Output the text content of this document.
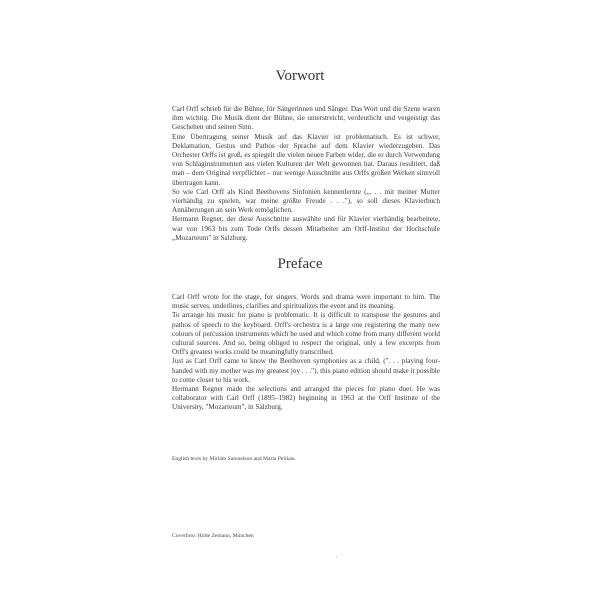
Vorwort

Carl Orff schrieb für die Bühne, für Sängerinnen und Sänger. Das Wort und die Szene waren ihm wichtig. Die Musik dient der Bühne, sie unterstreicht, verdeutlicht und vergeistigt das Geschehen und seinen Sinn.

Eine Übertragung seiner Musik auf das Klavier ist problematisch. Es ist schwer, Deklamation, Gestus und Pathos der Sprache auf dem Klavier wiederzugeben. Das Orchester Orffs ist groß, es spiegelt die vielen neuen Farben wider, die er durch Verwendung von Schlaginstrumenten aus vielen Kulturen der Welt gewonnen hat. Daraus resultiert, daß man – dem Original verpflichtet – nur wenige Ausschnitte aus Orffs großen Werken sinnvoll übertragen kann.

So wie Carl Orff als Kind Beethovens Sinfonien kennenlernte („. . . mit meiner Mutter vierhändig zu spielen, war meine größte Freude . . ."), so soll dieses Klavierbuch Annäherungen an sein Werk ermöglichen.

Hermann Regner, der diese Ausschnitte auswählte und für Klavier vierhändig bearbeitete, war von 1963 bis zum Tode Orffs dessen Mitarbeiter am Orff-Institut der Hochschule „Mozarteum" in Salzburg.

Preface

Carl Orff wrote for the stage, for singers. Words and drama were important to him. The music serves, underlines, clarifies and spiritualizes the event and its meaning.

To arrange his music for piano is problematic. It is difficult to transpose the gestures and pathos of speech to the keyboard. Orff's orchestra is a large one registering the many new colours of percussion instruments which he used and which come from many different world cultural sources. And so, being obliged to respect the original, only a few excerpts from Orff's greatest works could be meaningfully transcribed.

Just as Carl Orff came to know the Beethoven symphonies as a child, (". . . playing four-handed with my mother was my greatest joy . . ."), this piano edition should make it possible to come closer to his work.

Hermann Regner made the selections and arranged the pieces for piano duet. He was collaborator with Carl Orff (1895–1982) beginning in 1963 at the Orff Institute of the University, "Mozarteum", in Salzburg.

English texts by Miriam Samuelson and Maria Pelikan.
Coverfoto: Hilde Zemann, München
